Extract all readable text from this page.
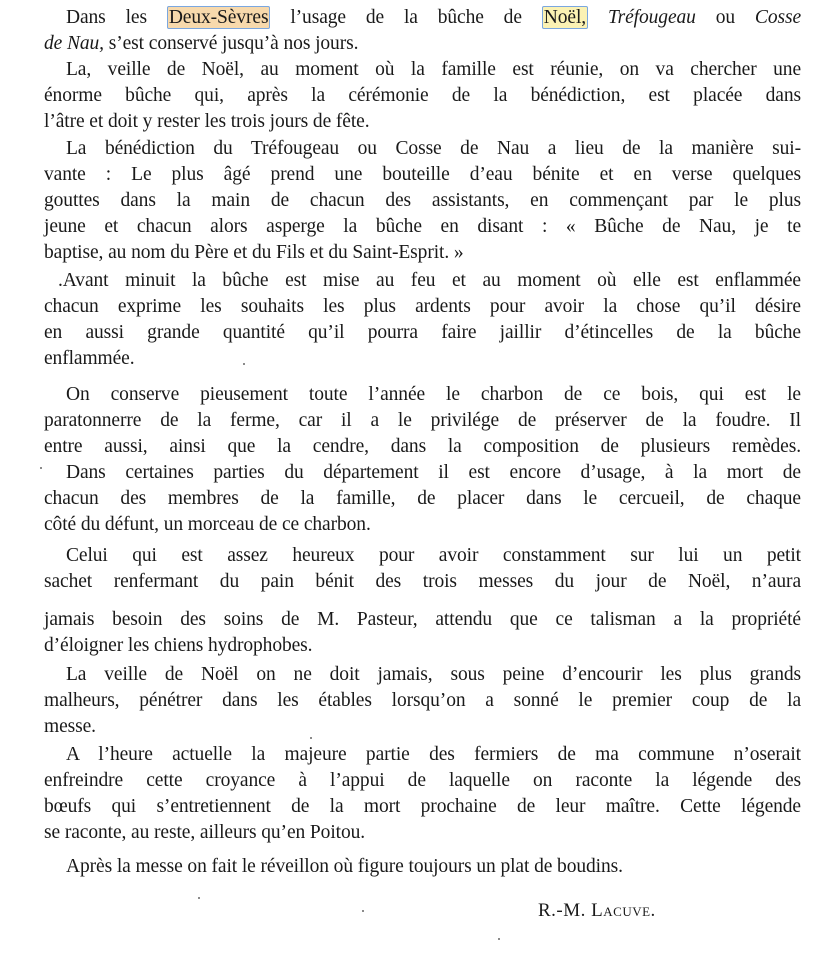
Dans les Deux-Sèvres l’usage de la bûche de Noël, Tréfougeau ou Cosse
de Nau, s’est conservé jusqu’à nos jours.
La, veille de Noël, au moment où la famille est réunie, on va chercher une
énorme bûche qui, après la cérémonie de la bénédiction, est placée dans
l’âtre et doit y rester les trois jours de fête.
La bénédiction du Tréfougeau ou Cosse de Nau a lieu de la manière sui-
vante : Le plus âgé prend une bouteille d’eau bénite et en verse quelques
gouttes dans la main de chacun des assistants, en commençant par le plus
jeune et chacun alors asperge la bûche en disant : « Bûche de Nau, je te
baptise, au nom du Père et du Fils et du Saint-Esprit. »
.Avant minuit la bûche est mise au feu et au moment où elle est enflammée
chacun exprime les souhaits les plus ardents pour avoir la chose qu’il désire
en aussi grande quantité qu’il pourra faire jaillir d’étincelles de la bûche
enflammée.
On conserve pieusement toute l’année le charbon de ce bois, qui est le
paratonnerre de la ferme, car il a le privilége de préserver de la foudre. Il
entre aussi, ainsi que la cendre, dans la composition de plusieurs remèdes.
Dans certaines parties du département il est encore d’usage, à la mort de
chacun des membres de la famille, de placer dans le cercueil, de chaque
côté du défunt, un morceau de ce charbon.
Celui qui est assez heureux pour avoir constamment sur lui un petit
sachet renfermant du pain bénit des trois messes du jour de Noël, n’aura
jamais besoin des soins de M. Pasteur, attendu que ce talisman a la propriété
d’éloigner les chiens hydrophobes.
La veille de Noël on ne doit jamais, sous peine d’encourir les plus grands
malheurs, pénétrer dans les étables lorsqu’on a sonné le premier coup de la
messe.
A l’heure actuelle la majeure partie des fermiers de ma commune n’oserait
enfreindre cette croyance à l’appui de laquelle on raconte la légende des
bœufs qui s’entretiennent de la mort prochaine de leur maître. Cette légende
se raconte, au reste, ailleurs qu’en Poitou.
Après la messe on fait le réveillon où figure toujours un plat de boudins.
R.-M. Lacuve.
